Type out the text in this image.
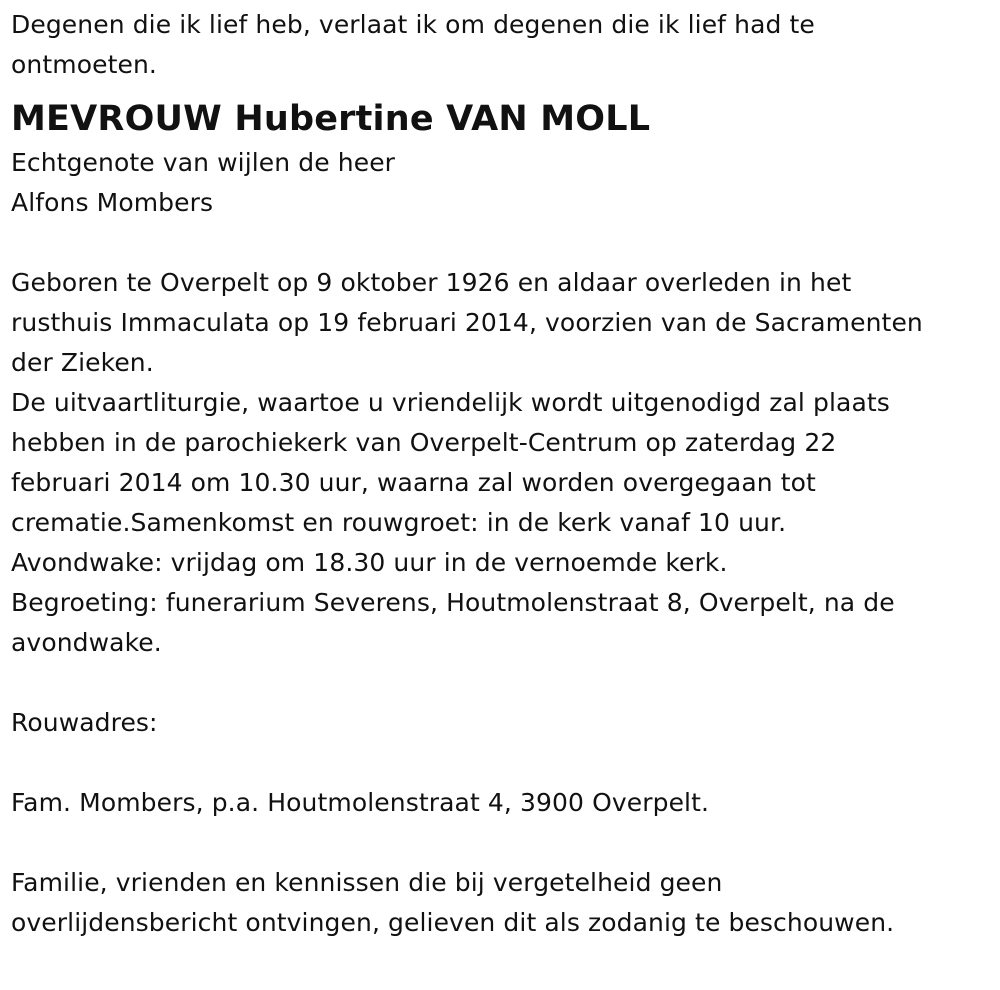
Degenen die ik lief heb, verlaat ik om degenen die ik lief had te
ontmoeten.
MEVROUW Hubertine VAN MOLL
Echtgenote van wijlen de heer
Alfons Mombers
Geboren te Overpelt op 9 oktober 1926 en aldaar overleden in het
rusthuis Immaculata op 19 februari 2014, voorzien van de Sacramenten
der Zieken.
De uitvaartliturgie, waartoe u vriendelijk wordt uitgenodigd zal plaats
hebben in de parochiekerk van Overpelt-Centrum op zaterdag 22
februari 2014 om 10.30 uur, waarna zal worden overgegaan tot
crematie.Samenkomst en rouwgroet: in de kerk vanaf 10 uur.
Avondwake: vrijdag om 18.30 uur in de vernoemde kerk.
Begroeting: funerarium Severens, Houtmolenstraat 8, Overpelt, na de
avondwake.
Rouwadres:
Fam. Mombers, p.a. Houtmolenstraat 4, 3900 Overpelt.
Familie, vrienden en kennissen die bij vergetelheid geen
overlijdensbericht ontvingen, gelieven dit als zodanig te beschouwen.
